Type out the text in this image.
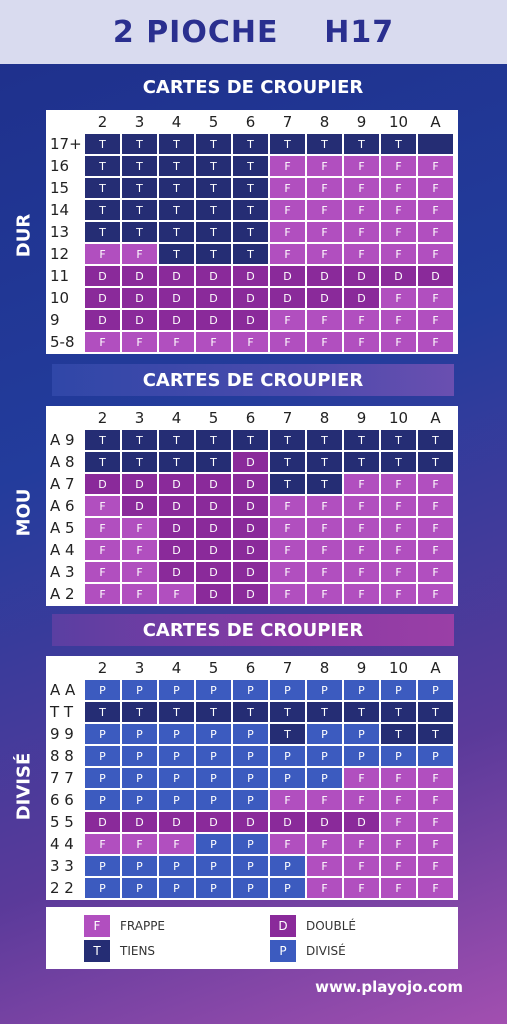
2 PIOCHE    H17
CARTES DE CROUPIER
CARTES DE CROUPIER
CARTES DE CROUPIER
DUR
MOU
DIVISÉ
	2	3	4	5	6	7	8	9	10	A
17+	T	T	T	T	T	T	T	T	T	
16	T	T	T	T	T	F	F	F	F	F
15	T	T	T	T	T	F	F	F	F	F
14	T	T	T	T	T	F	F	F	F	F
13	T	T	T	T	T	F	F	F	F	F
12	F	F	T	T	T	F	F	F	F	F
11	D	D	D	D	D	D	D	D	D	D
10	D	D	D	D	D	D	D	D	F	F
9	D	D	D	D	D	F	F	F	F	F
5-8	F	F	F	F	F	F	F	F	F	F
	2	3	4	5	6	7	8	9	10	A
A 9	T	T	T	T	T	T	T	T	T	T
A 8	T	T	T	T	D	T	T	T	T	T
A 7	D	D	D	D	D	T	T	F	F	F
A 6	F	D	D	D	D	F	F	F	F	F
A 5	F	F	D	D	D	F	F	F	F	F
A 4	F	F	D	D	D	F	F	F	F	F
A 3	F	F	D	D	D	F	F	F	F	F
A 2	F	F	F	D	D	F	F	F	F	F
	2	3	4	5	6	7	8	9	10	A
A A	P	P	P	P	P	P	P	P	P	P
T T	T	T	T	T	T	T	T	T	T	T
9 9	P	P	P	P	P	T	P	P	T	T
8 8	P	P	P	P	P	P	P	P	P	P
7 7	P	P	P	P	P	P	P	F	F	F
6 6	P	P	P	P	P	F	F	F	F	F
5 5	D	D	D	D	D	D	D	D	F	F
4 4	F	F	F	P	P	F	F	F	F	F
3 3	P	P	P	P	P	P	F	F	F	F
2 2	P	P	P	P	P	P	F	F	F	F
F	FRAPPE
T	TIENS
D	DOUBLÉ
P	DIVISÉ
www.playojo.com
